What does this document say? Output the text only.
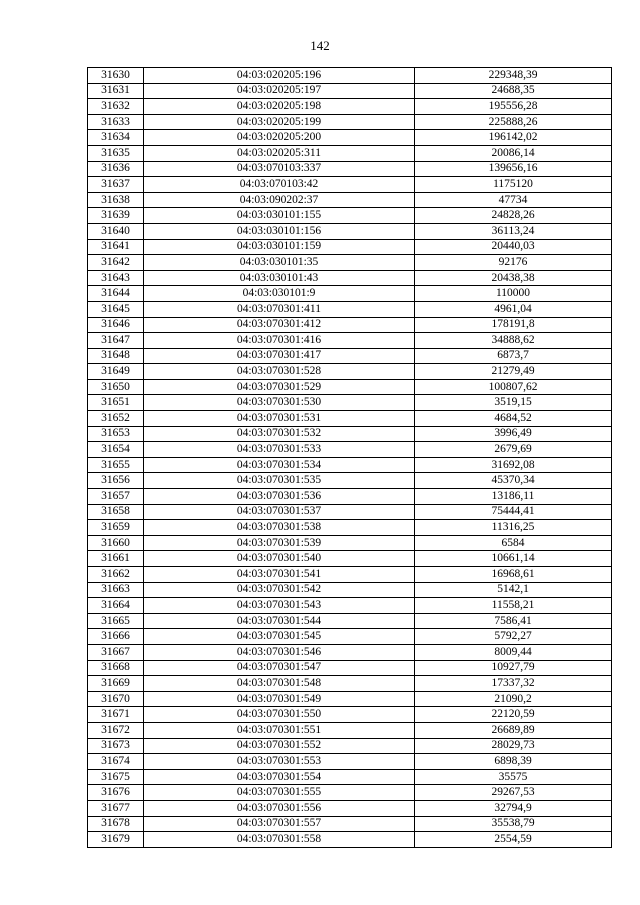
142
31630	04:03:020205:196	229348,39
31631	04:03:020205:197	24688,35
31632	04:03:020205:198	195556,28
31633	04:03:020205:199	225888,26
31634	04:03:020205:200	196142,02
31635	04:03:020205:311	20086,14
31636	04:03:070103:337	139656,16
31637	04:03:070103:42	1175120
31638	04:03:090202:37	47734
31639	04:03:030101:155	24828,26
31640	04:03:030101:156	36113,24
31641	04:03:030101:159	20440,03
31642	04:03:030101:35	92176
31643	04:03:030101:43	20438,38
31644	04:03:030101:9	110000
31645	04:03:070301:411	4961,04
31646	04:03:070301:412	178191,8
31647	04:03:070301:416	34888,62
31648	04:03:070301:417	6873,7
31649	04:03:070301:528	21279,49
31650	04:03:070301:529	100807,62
31651	04:03:070301:530	3519,15
31652	04:03:070301:531	4684,52
31653	04:03:070301:532	3996,49
31654	04:03:070301:533	2679,69
31655	04:03:070301:534	31692,08
31656	04:03:070301:535	45370,34
31657	04:03:070301:536	13186,11
31658	04:03:070301:537	75444,41
31659	04:03:070301:538	11316,25
31660	04:03:070301:539	6584
31661	04:03:070301:540	10661,14
31662	04:03:070301:541	16968,61
31663	04:03:070301:542	5142,1
31664	04:03:070301:543	11558,21
31665	04:03:070301:544	7586,41
31666	04:03:070301:545	5792,27
31667	04:03:070301:546	8009,44
31668	04:03:070301:547	10927,79
31669	04:03:070301:548	17337,32
31670	04:03:070301:549	21090,2
31671	04:03:070301:550	22120,59
31672	04:03:070301:551	26689,89
31673	04:03:070301:552	28029,73
31674	04:03:070301:553	6898,39
31675	04:03:070301:554	35575
31676	04:03:070301:555	29267,53
31677	04:03:070301:556	32794,9
31678	04:03:070301:557	35538,79
31679	04:03:070301:558	2554,59
